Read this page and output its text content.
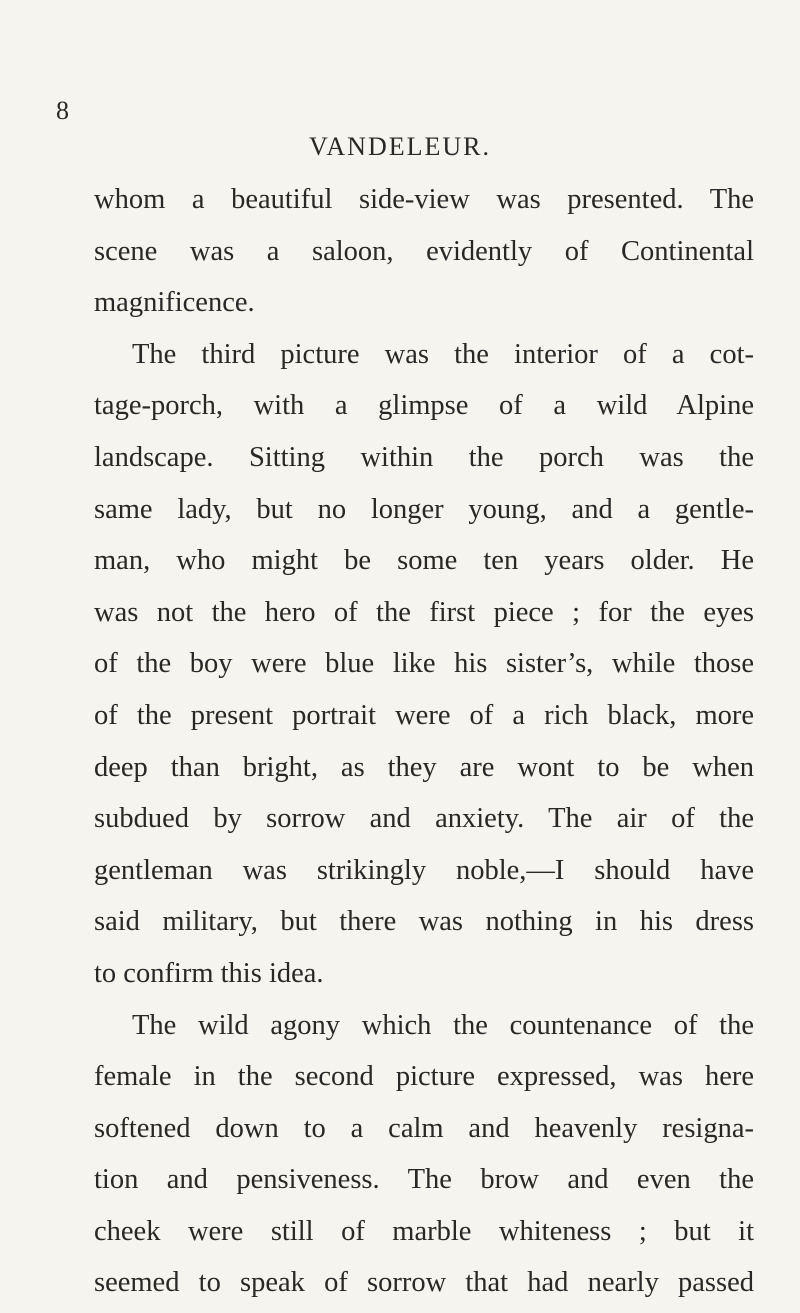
8
VANDELEUR.
whom a beautiful side-view was presented. The
scene was a saloon, evidently of Continental
magnificence.
The third picture was the interior of a cot-
tage-porch, with a glimpse of a wild Alpine
landscape. Sitting within the porch was the
same lady, but no longer young, and a gentle-
man, who might be some ten years older. He
was not the hero of the first piece ; for the eyes
of the boy were blue like his sister’s, while those
of the present portrait were of a rich black, more
deep than bright, as they are wont to be when
subdued by sorrow and anxiety. The air of the
gentleman was strikingly noble,—I should have
said military, but there was nothing in his dress
to confirm this idea.
The wild agony which the countenance of the
female in the second picture expressed, was here
softened down to a calm and heavenly resigna-
tion and pensiveness. The brow and even the
cheek were still of marble whiteness ; but it
seemed to speak of sorrow that had nearly passed
